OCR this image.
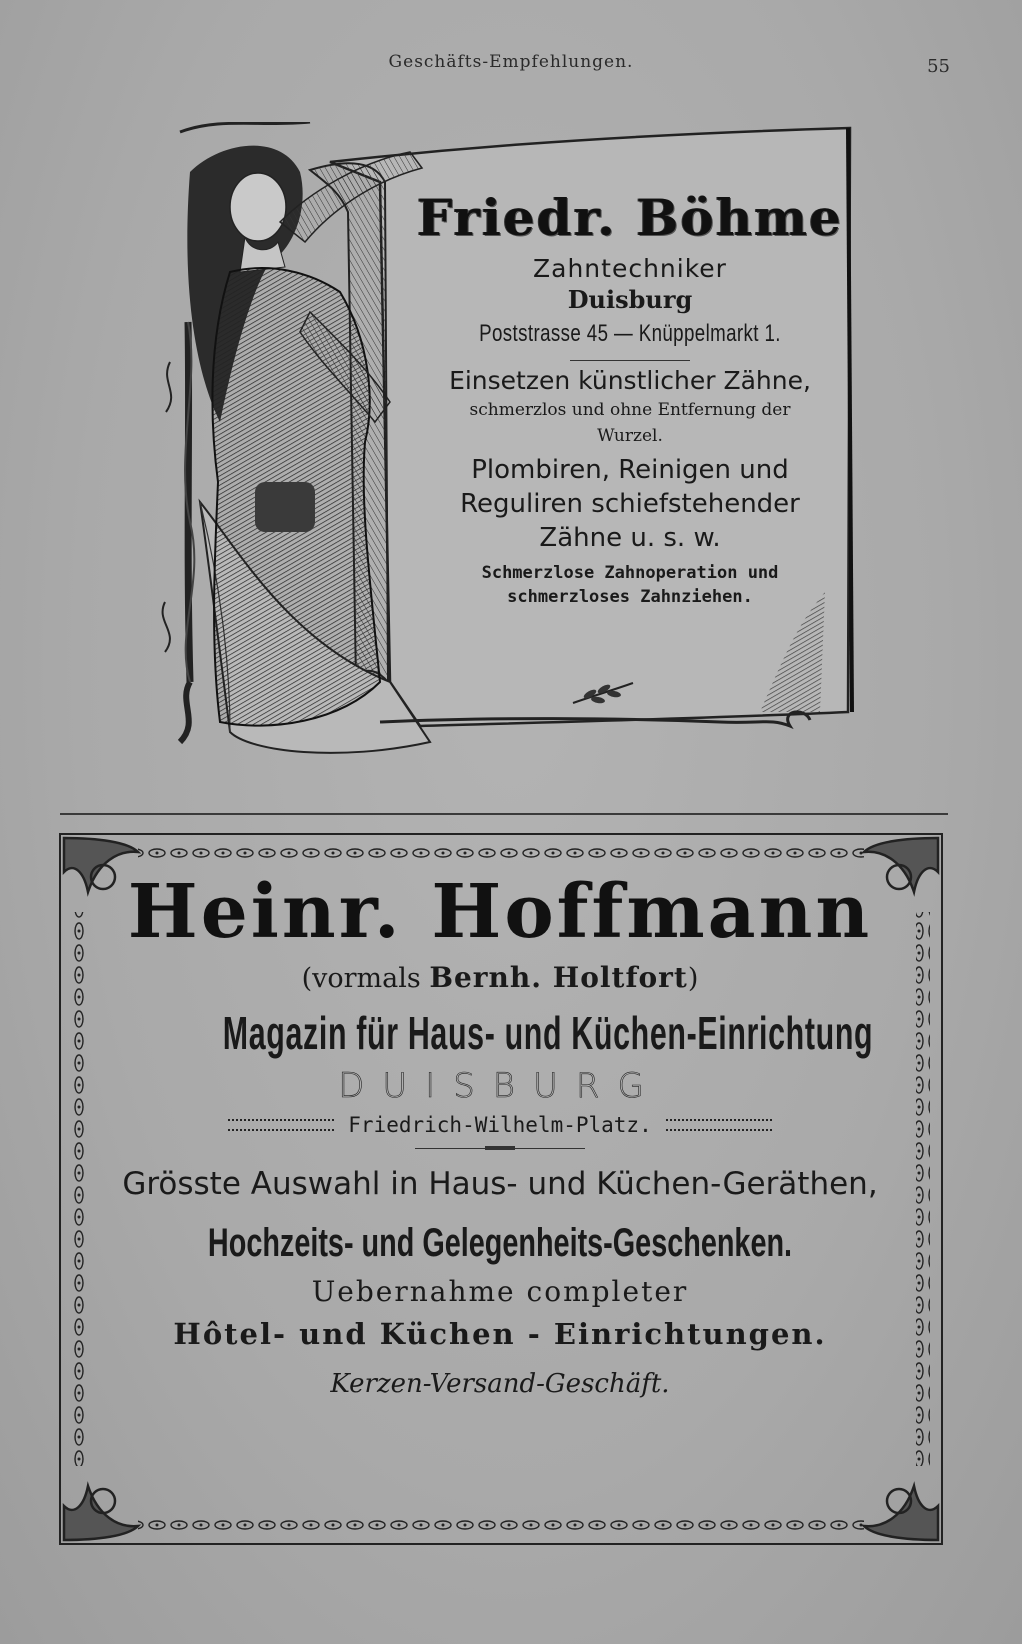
Geschäfts-Empfehlungen.	55
Friedr. Böhme
Zahntechniker
Duisburg
Poststrasse 45 — Knüppelmarkt 1.
Einsetzen künstlicher Zähne,
schmerzlos und ohne Entfernung der Wurzel.
Plombiren, Reinigen und Reguliren schiefstehender Zähne u. s. w.
Schmerzlose Zahnoperation und schmerzloses Zahnziehen.
Heinr. Hoffmann
(vormals Bernh. Holtfort)
Magazin für Haus- und Küchen-Einrichtung
DUISBURG
Friedrich-Wilhelm-Platz.
Grösste Auswahl in Haus- und Küchen-Geräthen,
Hochzeits- und Gelegenheits-Geschenken.
Uebernahme completer
Hôtel- und Küchen - Einrichtungen.
Kerzen-Versand-Geschäft.
